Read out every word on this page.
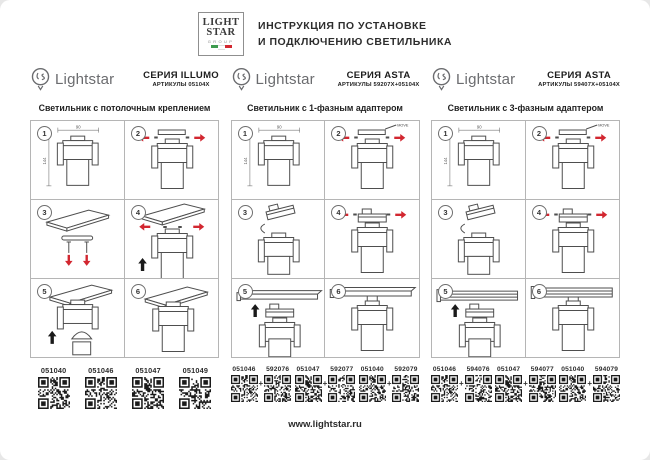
LIGHT
STAR
GROUP
ИНСТРУКЦИЯ ПО УСТАНОВКЕ
И ПОДКЛЮЧЕНИЮ СВЕТИЛЬНИКА
Lightstar	СЕРИЯ ILLUMO
АРТИКУЛЫ 05104X
Светильник с потолочным креплением
1
90
144
2
3	4
5	6
051040	051046	051047	051049
Lightstar	СЕРИЯ ASTA
АРТИКУЛЫ 59207X+05104X
Светильник с 1-фазным адаптером
1
90
144
2
MOVE
3	4
5	6
051046
+
592076 051047
+
592077 051040
+
592079
Lightstar	СЕРИЯ ASTA
АРТИКУЛЫ 59407X+05104X
Светильник с 3-фазным адаптером
1
90
144
2
MOVE
3	4
5	6
051046
+
594076 051047
+
594077 051040
+
594079
www.lightstar.ru
